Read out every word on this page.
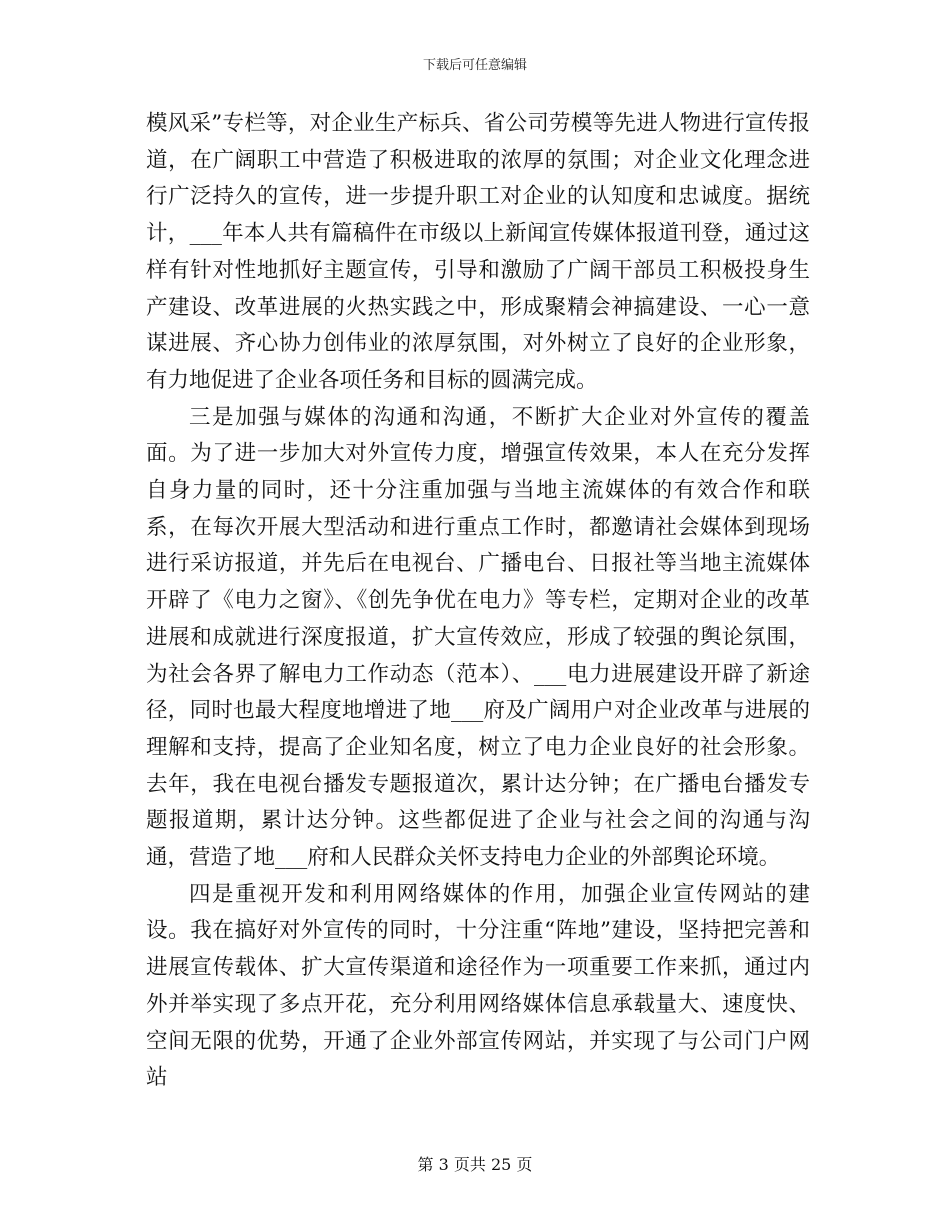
下载后可任意编辑

模风采”专栏等，对企业生产标兵、省公司劳模等先进人物进行宣传报道，在广阔职工中营造了积极进取的浓厚的氛围；对企业文化理念进行广泛持久的宣传，进一步提升职工对企业的认知度和忠诚度。据统计，___年本人共有篇稿件在市级以上新闻宣传媒体报道刊登，通过这样有针对性地抓好主题宣传，引导和激励了广阔干部员工积极投身生产建设、改革进展的火热实践之中，形成聚精会神搞建设、一心一意谋进展、齐心协力创伟业的浓厚氛围，对外树立了良好的企业形象，有力地促进了企业各项任务和目标的圆满完成。

三是加强与媒体的沟通和沟通，不断扩大企业对外宣传的覆盖面。为了进一步加大对外宣传力度，增强宣传效果，本人在充分发挥自身力量的同时，还十分注重加强与当地主流媒体的有效合作和联系，在每次开展大型活动和进行重点工作时，都邀请社会媒体到现场进行采访报道，并先后在电视台、广播电台、日报社等当地主流媒体开辟了《电力之窗》、《创先争优在电力》等专栏，定期对企业的改革进展和成就进行深度报道，扩大宣传效应，形成了较强的舆论氛围，为社会各界了解电力工作动态（范本）、___电力进展建设开辟了新途径，同时也最大程度地增进了地___府及广阔用户对企业改革与进展的理解和支持，提高了企业知名度，树立了电力企业良好的社会形象。去年，我在电视台播发专题报道次，累计达分钟；在广播电台播发专题报道期，累计达分钟。这些都促进了企业与社会之间的沟通与沟通，营造了地___府和人民群众关怀支持电力企业的外部舆论环境。

四是重视开发和利用网络媒体的作用，加强企业宣传网站的建设。我在搞好对外宣传的同时，十分注重“阵地”建设，坚持把完善和进展宣传载体、扩大宣传渠道和途径作为一项重要工作来抓，通过内外并举实现了多点开花，充分利用网络媒体信息承载量大、速度快、空间无限的优势，开通了企业外部宣传网站，并实现了与公司门户网站

第 3 页共 25 页
